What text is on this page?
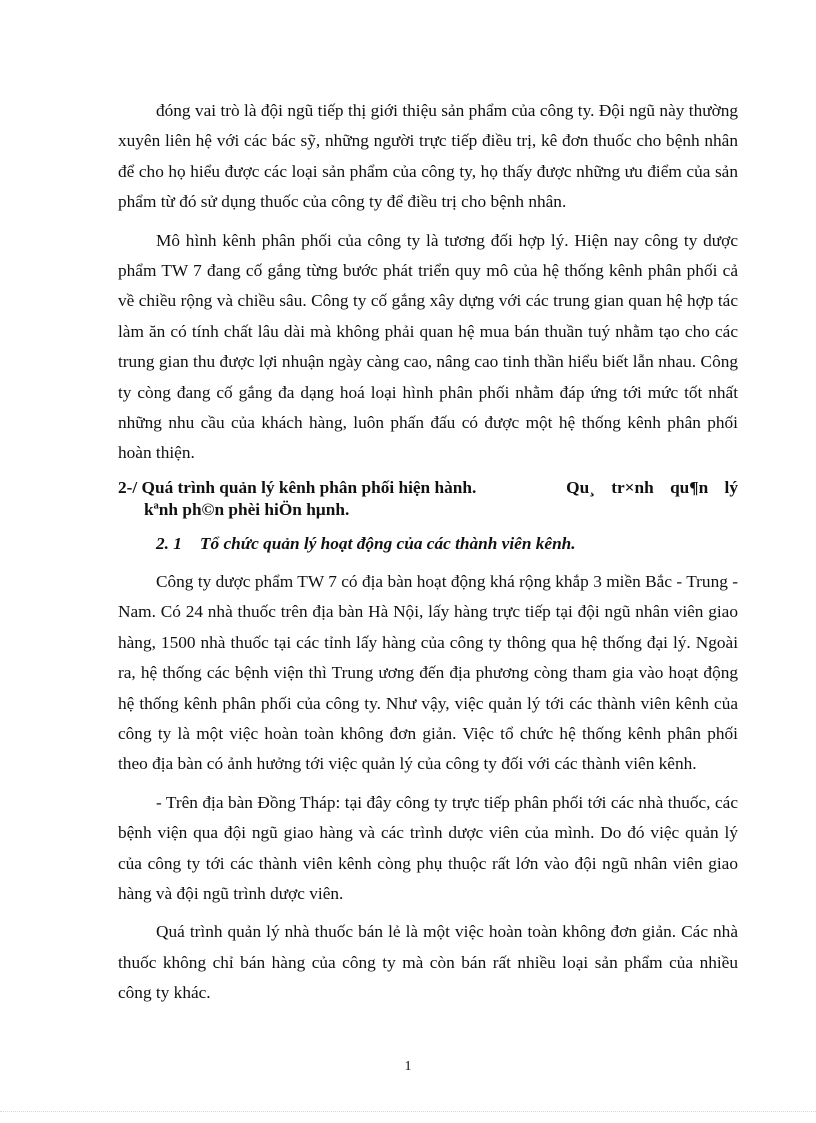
đóng vai trò là đội ngũ tiếp thị giới thiệu sản phẩm của công ty. Đội ngũ này thường xuyên liên hệ với các bác sỹ, những người trực tiếp điều trị, kê đơn thuốc cho bệnh nhân để cho họ hiểu được các loại sản phẩm của công ty, họ thấy được những ưu điểm của sản phẩm từ đó sử dụng thuốc của công ty để điều trị cho bệnh nhân.

Mô hình kênh phân phối của công ty là tương đối hợp lý. Hiện nay công ty dược phẩm TW 7 đang cố gắng từng bước phát triển quy mô của hệ thống kênh phân phối cả về chiều rộng và chiều sâu. Công ty cố gắng xây dựng với các trung gian quan hệ hợp tác làm ăn có tính chất lâu dài mà không phải quan hệ mua bán thuần tuý nhằm tạo cho các trung gian thu được lợi nhuận ngày càng cao, nâng cao tinh thần hiểu biết lẫn nhau. Công ty còng đang cố gắng đa dạng hoá loại hình phân phối nhằm đáp ứng tới mức tốt nhất những nhu cầu của khách hàng, luôn phấn đấu có được một hệ thống kênh phân phối hoàn thiện.

2-/ Quá trình quản lý kênh phân phối hiện hành.	Qu¸ tr×nh qu¶n lý
kªnh ph©n phèi hiÖn hµnh.
2. 1 Tổ chức quản lý hoạt động của các thành viên kênh.

Công ty dược phẩm TW 7 có địa bàn hoạt động khá rộng khắp 3 miền Bắc - Trung - Nam. Có 24 nhà thuốc trên địa bàn Hà Nội, lấy hàng trực tiếp tại đội ngũ nhân viên giao hàng, 1500 nhà thuốc tại các tỉnh lấy hàng của công ty thông qua hệ thống đại lý. Ngoài ra, hệ thống các bệnh viện thì Trung ương đến địa phương còng tham gia vào hoạt động hệ thống kênh phân phối của công ty. Như vậy, việc quản lý tới các thành viên kênh của công ty là một việc hoàn toàn không đơn giản. Việc tổ chức hệ thống kênh phân phối theo địa bàn có ảnh hưởng tới việc quản lý của công ty đối với các thành viên kênh.

- Trên địa bàn Đồng Tháp: tại đây công ty trực tiếp phân phối tới các nhà thuốc, các bệnh viện qua đội ngũ giao hàng và các trình dược viên của mình. Do đó việc quản lý của công ty tới các thành viên kênh còng phụ thuộc rất lớn vào đội ngũ nhân viên giao hàng và đội ngũ trình dược viên.

Quá trình quản lý nhà thuốc bán lẻ là một việc hoàn toàn không đơn giản. Các nhà thuốc không chỉ bán hàng của công ty mà còn bán rất nhiều loại sản phẩm của nhiều công ty khác.

1
